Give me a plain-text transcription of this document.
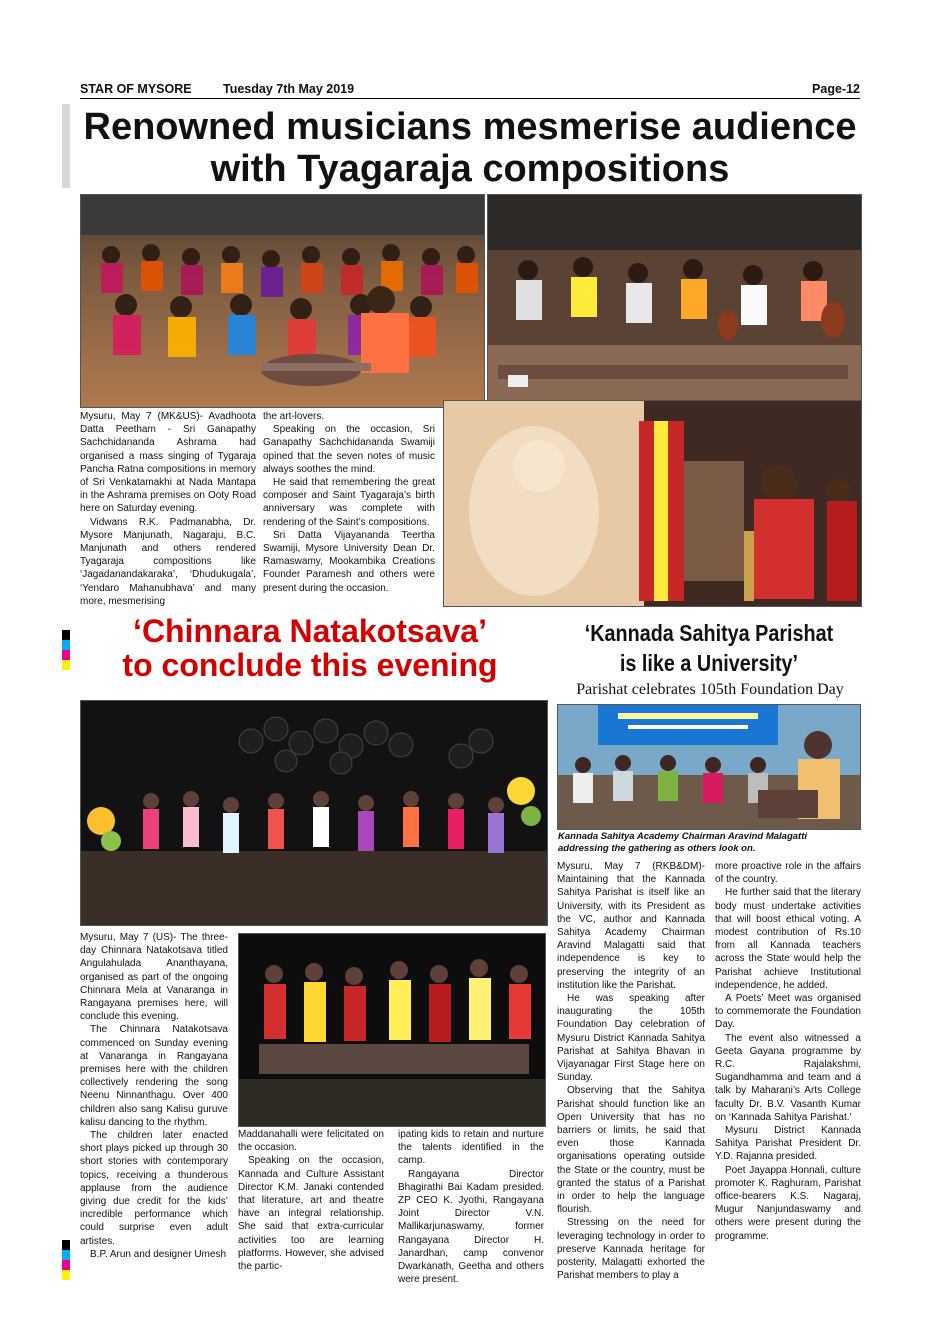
STAR OF MYSORE	Tuesday 7th May 2019	Page-12
Renowned musicians mesmerise audience
with Tyagaraja compositions

Mysuru, May 7 (MK&US)- Avadhoota Datta Peetham - Sri Ganapathy Sachchidananda Ashrama had organised a mass singing of Tygaraja Pancha Ratna compositions in memory of Sri Venkatamakhi at Nada Mantapa in the Ashrama premises on Ooty Road here on Saturday evening.

Vidwans R.K. Padmanabha, Dr. Mysore Manjunath, Nagaraju, B.C. Manjunath and others rendered Tyagaraja compositions like ‘Jagadanandakaraka’, ‘Dhudukugala’, ‘Yendaro Mahanubhava’ and many more, mesmerising

the art-lovers.

Speaking on the occasion, Sri Ganapathy Sachchidananda Swamiji opined that the seven notes of music always soothes the mind.

He said that remembering the great composer and Saint Tyagaraja’s birth anniversary was complete with rendering of the Saint’s compositions.

Sri Datta Vijayananda Teertha Swamiji, Mysore University Dean Dr. Ramaswamy, Mookambika Creations Founder Paramesh and others were present during the occasion.

‘Chinnara Natakotsava’
to conclude this evening
‘Kannada Sahitya Parishat
is like a University’
Parishat celebrates 105th Foundation Day
Kannada Sahitya Academy Chairman Aravind Malagatti addressing the gathering as others look on.

Mysuru, May 7 (US)- The three-day Chinnara Natakotsava titled Angulahulada Ananthayana, organised as part of the ongoing Chinnara Mela at Vanaranga in Rangayana premises here, will conclude this evening.

The Chinnara Natakotsava commenced on Sunday evening at Vanaranga in Rangayana premises here with the children collectively rendering the song Neenu Ninnanthagu. Over 400 children also sang Kalisu guruve kalisu dancing to the rhythm.

The children later enacted short plays picked up through 30 short stories with contemporary topics, receiving a thunderous applause from the audience giving due credit for the kids’ incredible performance which could surprise even adult artistes.

B.P. Arun and designer Umesh

Maddanahalli were felicitated on the occasion.

Speaking on the occasion, Kannada and Culture Assistant Director K.M. Janaki contended that literature, art and theatre have an integral relationship. She said that extra-curricular activities too are learning platforms. However, she advised the partic-

ipating kids to retain and nurture the talents identified in the camp.

Rangayana Director Bhagirathi Bai Kadam presided. ZP CEO K. Jyothi, Rangayana Joint Director V.N. Mallikarjunaswamy, former Rangayana Director H. Janardhan, camp convenor Dwarkanath, Geetha and others were present.

Mysuru, May 7 (RKB&DM)- Maintaining that the Kannada Sahitya Parishat is itself like an University, with its President as the VC, author and Kannada Sahitya Academy Chairman Aravind Malagatti said that independence is key to preserving the integrity of an institution like the Parishat.

He was speaking after inaugurating the 105th Foundation Day celebration of Mysuru District Kannada Sahitya Parishat at Sahitya Bhavan in Vijayanagar First Stage here on Sunday.

Observing that the Sahitya Parishat should function like an Open University that has no barriers or limits, he said that even those Kannada organisations operating outside the State or the country, must be granted the status of a Parishat in order to help the language flourish.

Stressing on the need for leveraging technology in order to preserve Kannada heritage for posterity, Malagatti exhorted the Parishat members to play a

more proactive role in the affairs of the country.

He further said that the literary body must undertake activities that will boost ethical voting. A modest contribution of Rs.10 from all Kannada teachers across the State would help the Parishat achieve Institutional independence, he added.

A Poets’ Meet was organised to commemorate the Foundation Day.

The event also witnessed a Geeta Gayana programme by R.C. Rajalakshmi, Sugandhamma and team and a talk by Maharani’s Arts College faculty Dr. B.V. Vasanth Kumar on ‘Kannada Sahitya Parishat.’

Mysuru District Kannada Sahitya Parishat President Dr. Y.D. Rajanna presided.

Poet Jayappa Honnali, culture promoter K. Raghuram, Parishat office-bearers K.S. Nagaraj, Mugur Nanjundaswamy and others were present during the programme.
